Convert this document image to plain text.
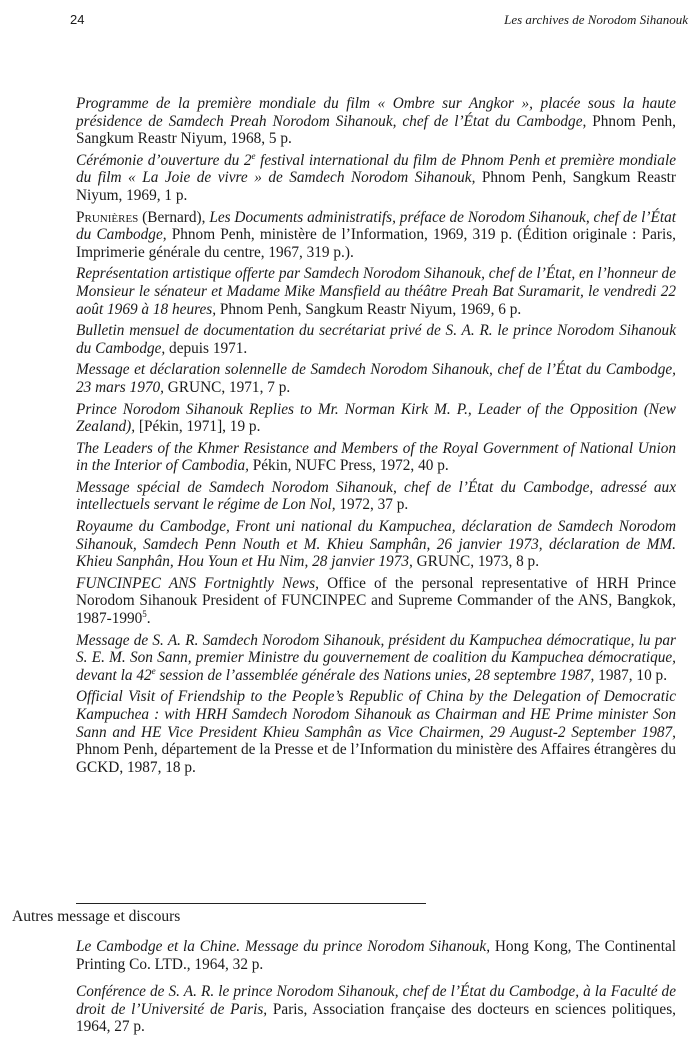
24	Les archives de Norodom Sihanouk

Programme de la première mondiale du film « Ombre sur Angkor », placée sous la haute présidence de Samdech Preah Norodom Sihanouk, chef de l’État du Cambodge, Phnom Penh, Sangkum Reastr Niyum, 1968, 5 p.

Cérémonie d’ouverture du 2e festival international du film de Phnom Penh et première mondiale du film « La Joie de vivre » de Samdech Norodom Sihanouk, Phnom Penh, Sangkum Reastr Niyum, 1969, 1 p.

Prunières (Bernard), Les Documents administratifs, préface de Norodom Sihanouk, chef de l’État du Cambodge, Phnom Penh, ministère de l’Information, 1969, 319 p. (Édition originale : Paris, Imprimerie générale du centre, 1967, 319 p.).

Représentation artistique offerte par Samdech Norodom Sihanouk, chef de l’État, en l’honneur de Monsieur le sénateur et Madame Mike Mansfield au théâtre Preah Bat Suramarit, le vendredi 22 août 1969 à 18 heures, Phnom Penh, Sangkum Reastr Niyum, 1969, 6 p.

Bulletin mensuel de documentation du secrétariat privé de S. A. R. le prince Norodom Sihanouk du Cambodge, depuis 1971.

Message et déclaration solennelle de Samdech Norodom Sihanouk, chef de l’État du Cambodge, 23 mars 1970, GRUNC, 1971, 7 p.

Prince Norodom Sihanouk Replies to Mr. Norman Kirk M. P., Leader of the Opposition (New Zealand), [Pékin, 1971], 19 p.

The Leaders of the Khmer Resistance and Members of the Royal Government of National Union in the Interior of Cambodia, Pékin, NUFC Press, 1972, 40 p.

Message spécial de Samdech Norodom Sihanouk, chef de l’État du Cambodge, adressé aux intellectuels servant le régime de Lon Nol, 1972, 37 p.

Royaume du Cambodge, Front uni national du Kampuchea, déclaration de Samdech Norodom Sihanouk, Samdech Penn Nouth et M. Khieu Samphân, 26 janvier 1973, déclaration de MM. Khieu Sanphân, Hou Youn et Hu Nim, 28 janvier 1973, GRUNC, 1973, 8 p.

FUNCINPEC ANS Fortnightly News, Office of the personal representative of HRH Prince Norodom Sihanouk President of FUNCINPEC and Supreme Commander of the ANS, Bangkok, 1987-1990$^5$.

Message de S. A. R. Samdech Norodom Sihanouk, président du Kampuchea démocratique, lu par S. E. M. Son Sann, premier Ministre du gouvernement de coalition du Kampuchea démocratique, devant la 42e session de l’assemblée générale des Nations unies, 28 septembre 1987, 1987, 10 p.

Official Visit of Friendship to the People’s Republic of China by the Delegation of Democratic Kampuchea : with HRH Samdech Norodom Sihanouk as Chairman and HE Prime minister Son Sann and HE Vice President Khieu Samphân as Vice Chairmen, 29 August-2 September 1987, Phnom Penh, département de la Presse et de l’Information du ministère des Affaires étrangères du GCKD, 1987, 18 p.

Autres message et discours

Le Cambodge et la Chine. Message du prince Norodom Sihanouk, Hong Kong, The Continental Printing Co. LTD., 1964, 32 p.

Conférence de S. A. R. le prince Norodom Sihanouk, chef de l’État du Cambodge, à la Faculté de droit de l’Université de Paris, Paris, Association française des docteurs en sciences politiques, 1964, 27 p.
